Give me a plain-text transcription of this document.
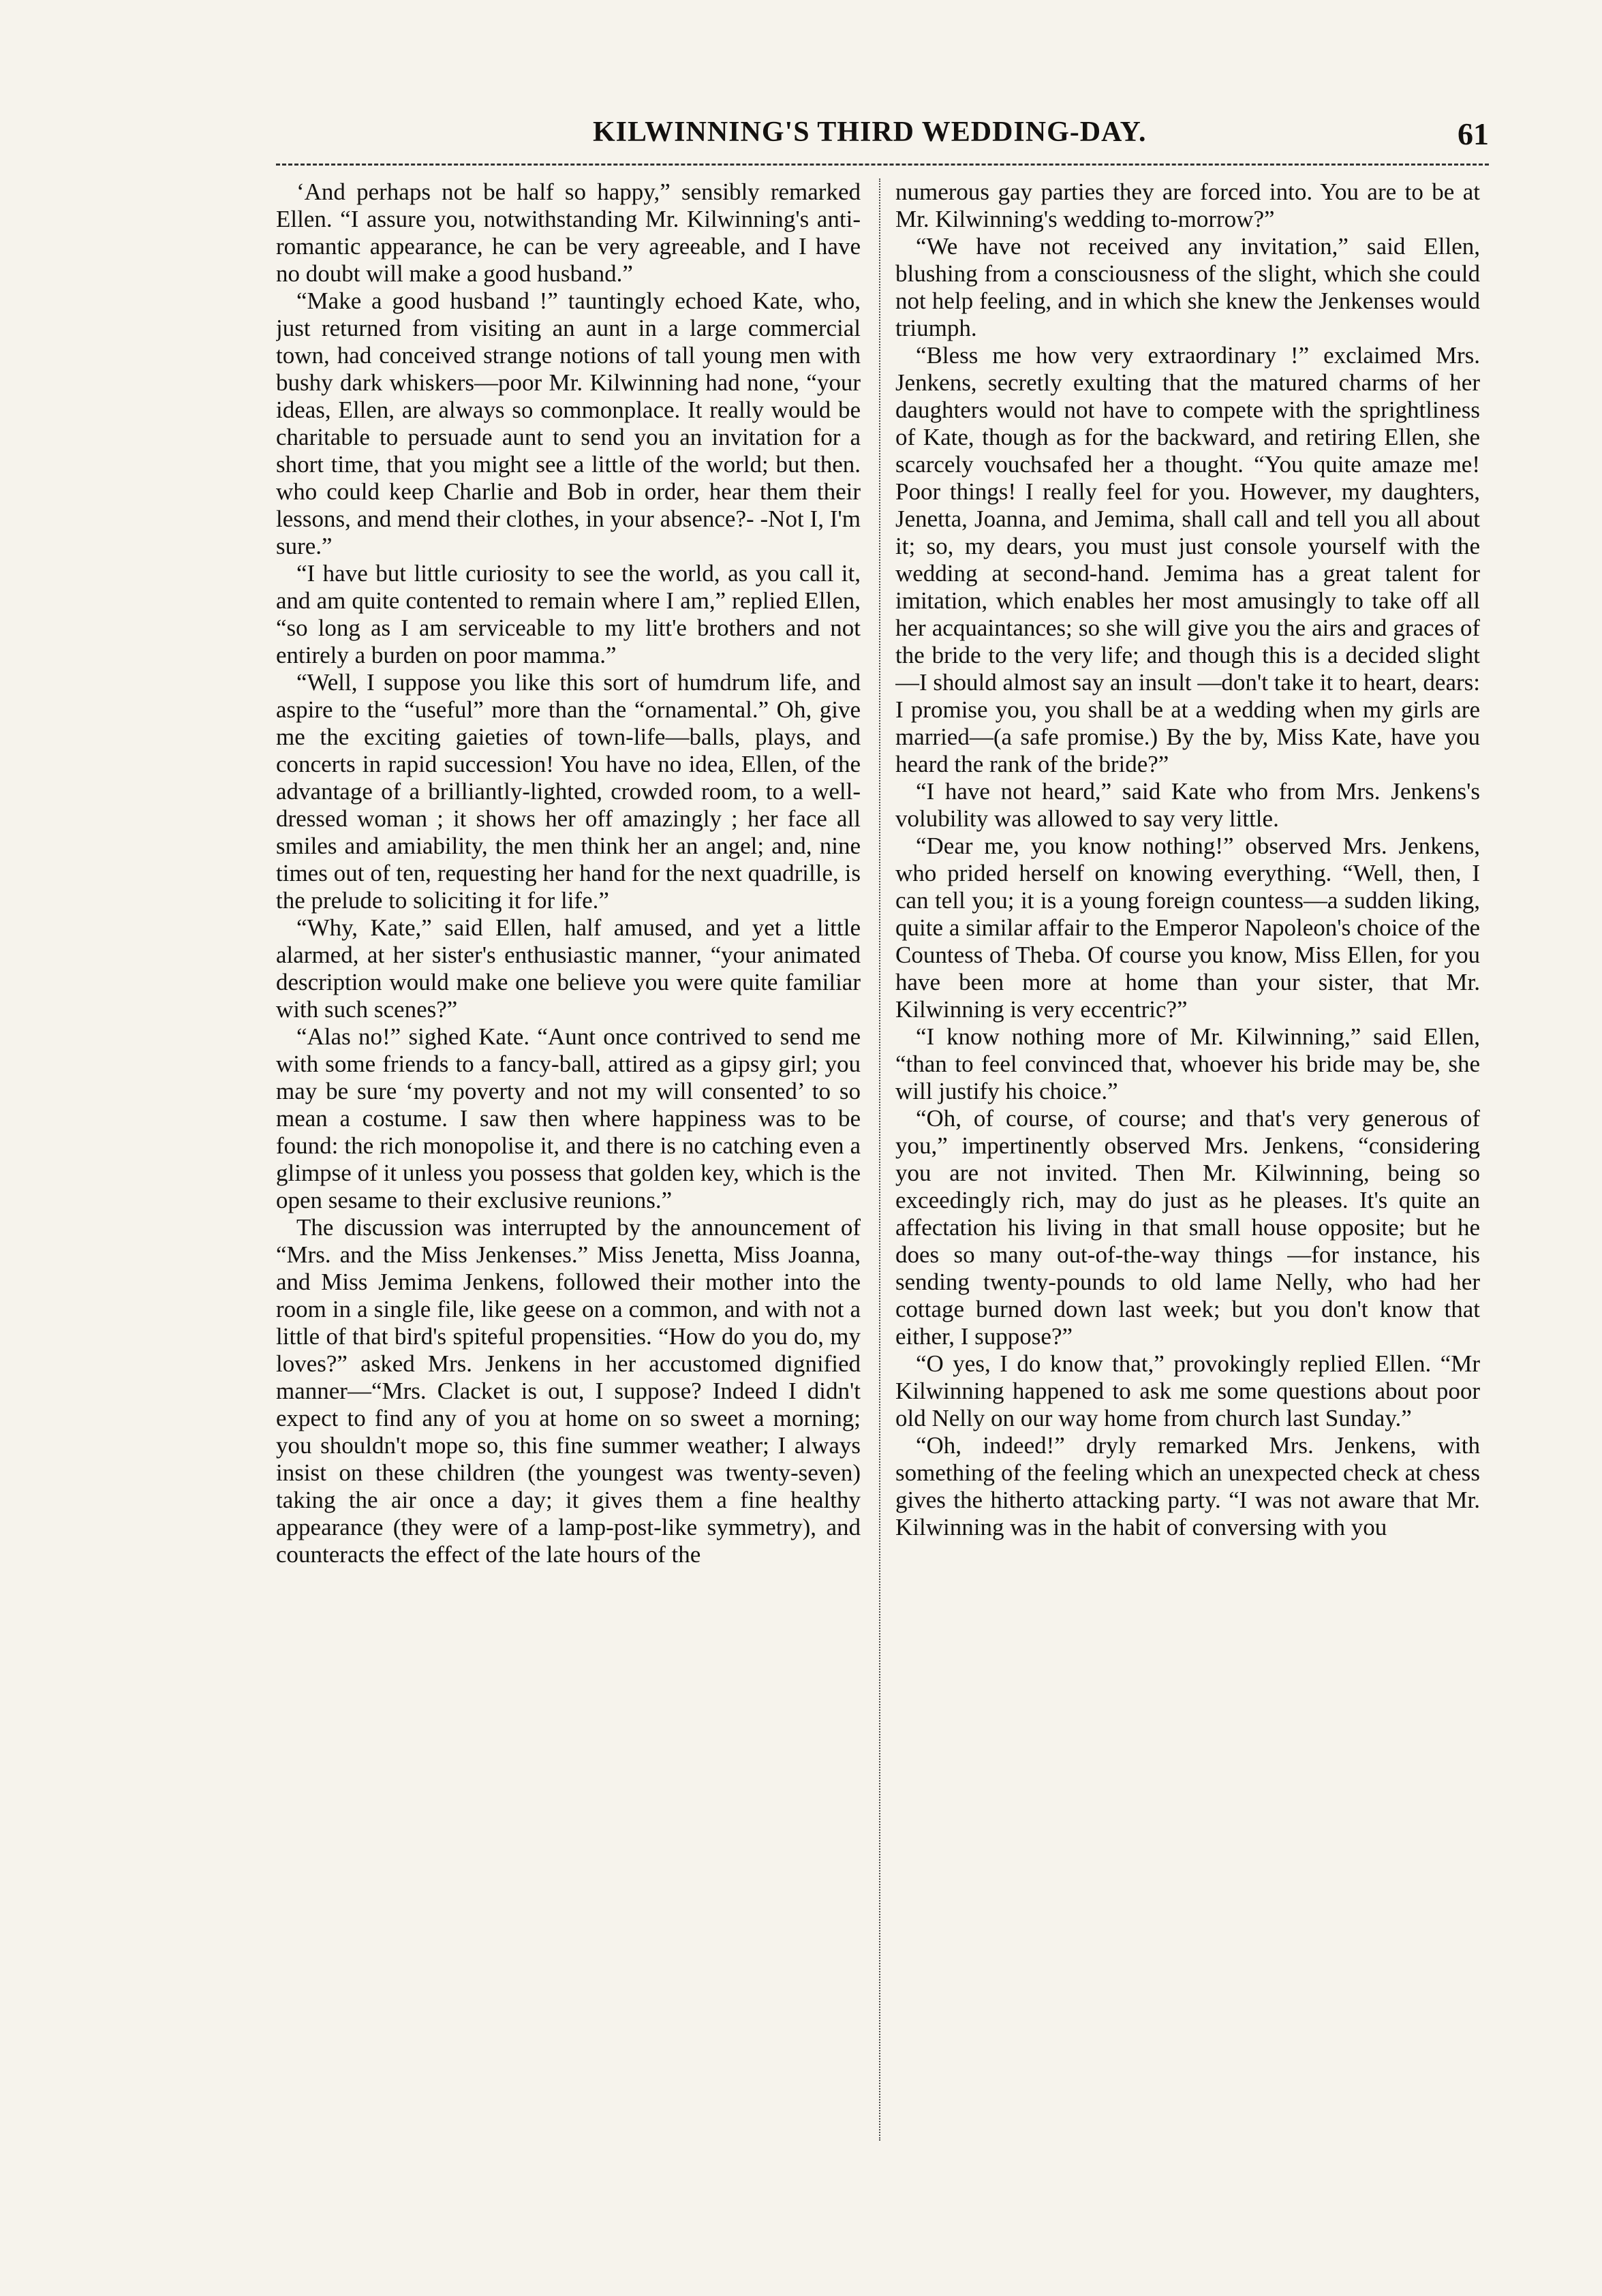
KILWINNING'S THIRD WEDDING-DAY.	61

‘And perhaps not be half so happy,” sensibly remarked Ellen. “I assure you, notwithstanding Mr. Kilwinning's anti-romantic appearance, he can be very agreeable, and I have no doubt will make a good husband.”

“Make a good husband !” tauntingly echoed Kate, who, just returned from visiting an aunt in a large commercial town, had conceived strange notions of tall young men with bushy dark whiskers—poor Mr. Kilwinning had none, “your ideas, Ellen, are always so commonplace. It really would be charitable to persuade aunt to send you an invitation for a short time, that you might see a little of the world; but then. who could keep Charlie and Bob in order, hear them their lessons, and mend their clothes, in your absence?- -Not I, I'm sure.”

“I have but little curiosity to see the world, as you call it, and am quite contented to remain where I am,” replied Ellen, “so long as I am serviceable to my litt'e brothers and not entirely a burden on poor mamma.”

“Well, I suppose you like this sort of humdrum life, and aspire to the “useful” more than the “ornamental.” Oh, give me the exciting gaieties of town-life—balls, plays, and concerts in rapid succession! You have no idea, Ellen, of the advantage of a brilliantly-lighted, crowded room, to a well-dressed woman ; it shows her off amazingly ; her face all smiles and amiability, the men think her an angel; and, nine times out of ten, requesting her hand for the next quadrille, is the prelude to soliciting it for life.”

“Why, Kate,” said Ellen, half amused, and yet a little alarmed, at her sister's enthusiastic manner, “your animated description would make one believe you were quite familiar with such scenes?”

“Alas no!” sighed Kate. “Aunt once contrived to send me with some friends to a fancy-ball, attired as a gipsy girl; you may be sure ‘my poverty and not my will consented’ to so mean a costume. I saw then where happiness was to be found: the rich monopolise it, and there is no catching even a glimpse of it unless you possess that golden key, which is the open sesame to their exclusive reunions.”

The discussion was interrupted by the announcement of “Mrs. and the Miss Jenkenses.” Miss Jenetta, Miss Joanna, and Miss Jemima Jenkens, followed their mother into the room in a single file, like geese on a common, and with not a little of that bird's spiteful propensities. “How do you do, my loves?” asked Mrs. Jenkens in her accustomed dignified manner—“Mrs. Clacket is out, I suppose? Indeed I didn't expect to find any of you at home on so sweet a morning; you shouldn't mope so, this fine summer weather; I always insist on these children (the youngest was twenty-seven) taking the air once a day; it gives them a fine healthy appearance (they were of a lamp-post-like symmetry), and counteracts the effect of the late hours of the

numerous gay parties they are forced into. You are to be at Mr. Kilwinning's wedding to-morrow?”

“We have not received any invitation,” said Ellen, blushing from a consciousness of the slight, which she could not help feeling, and in which she knew the Jenkenses would triumph.

“Bless me how very extraordinary !” exclaimed Mrs. Jenkens, secretly exulting that the matured charms of her daughters would not have to compete with the sprightliness of Kate, though as for the backward, and retiring Ellen, she scarcely vouchsafed her a thought. “You quite amaze me! Poor things! I really feel for you. However, my daughters, Jenetta, Joanna, and Jemima, shall call and tell you all about it; so, my dears, you must just console yourself with the wedding at second-hand. Jemima has a great talent for imitation, which enables her most amusingly to take off all her acquaintances; so she will give you the airs and graces of the bride to the very life; and though this is a decided slight—I should almost say an insult —don't take it to heart, dears: I promise you, you shall be at a wedding when my girls are married—(a safe promise.) By the by, Miss Kate, have you heard the rank of the bride?”

“I have not heard,” said Kate who from Mrs. Jenkens's volubility was allowed to say very little.

“Dear me, you know nothing!” observed Mrs. Jenkens, who prided herself on knowing everything. “Well, then, I can tell you; it is a young foreign countess—a sudden liking, quite a similar affair to the Emperor Napoleon's choice of the Countess of Theba. Of course you know, Miss Ellen, for you have been more at home than your sister, that Mr. Kilwinning is very eccentric?”

“I know nothing more of Mr. Kilwinning,” said Ellen, “than to feel convinced that, whoever his bride may be, she will justify his choice.”

“Oh, of course, of course; and that's very generous of you,” impertinently observed Mrs. Jenkens, “considering you are not invited. Then Mr. Kilwinning, being so exceedingly rich, may do just as he pleases. It's quite an affectation his living in that small house opposite; but he does so many out-of-the-way things —for instance, his sending twenty-pounds to old lame Nelly, who had her cottage burned down last week; but you don't know that either, I suppose?”

“O yes, I do know that,” provokingly replied Ellen. “Mr Kilwinning happened to ask me some questions about poor old Nelly on our way home from church last Sunday.”

“Oh, indeed!” dryly remarked Mrs. Jenkens, with something of the feeling which an unexpected check at chess gives the hitherto attacking party. “I was not aware that Mr. Kilwinning was in the habit of conversing with you
